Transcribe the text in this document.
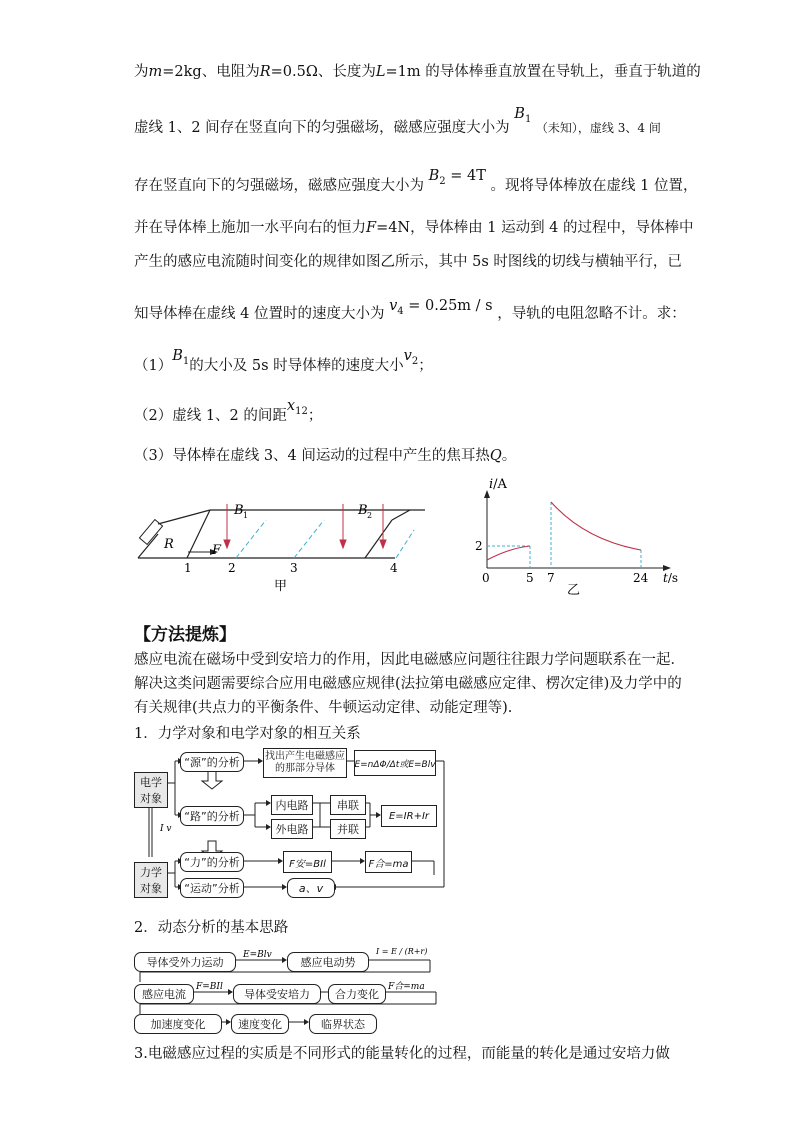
为m=2kg、电阻为R=0.5Ω、长度为L=1m 的导体棒垂直放置在导轨上，垂直于轨道的
虚线 1、2 间存在竖直向下的匀强磁场，磁感应强度大小为 $B_1$ （未知），虚线 3、4 间
存在竖直向下的匀强磁场，磁感应强度大小为 $B_2 = 4T$ 。现将导体棒放在虚线 1 位置，
并在导体棒上施加一水平向右的恒力F=4N，导体棒由 1 运动到 4 的过程中，导体棒中
产生的感应电流随时间变化的规律如图乙所示，其中 5s 时图线的切线与横轴平行，已
知导体棒在虚线 4 位置时的速度大小为 $v_4 = 0.25m / s$ ，导轨的电阻忽略不计。求：
$(1)B_1$的大小及 5s 时导体棒的速度大小$v_2$；
（2）虚线 1、2 的间距$x_{12}$；
（3）导体棒在虚线 3、4 间运动的过程中产生的焦耳热Q。
R	F
B 1	B 2
1	2	3	4
甲
i/A
2
0	5 7	24 t/s
乙
【方法提炼】
感应电流在磁场中受到安培力的作用，因此电磁感应问题往往跟力学问题联系在一起．
解决这类问题需要综合应用电磁感应规律(法拉第电磁感应定律、楞次定律)及力学中的
有关规律(共点力的平衡条件、牛顿运动定律、动能定理等).
1．力学对象和电学对象的相互关系
I v
电学对象
力学对象
“源”的分析	找出产生电磁感应的那部分导体	E=nΔΦ/Δt或E=Blv
“路”的分析
内电路
外电路
串联
并联
E=IR+Ir
“力”的分析	F安=BIl	F合=ma
“运动”分析	a、v
2．动态分析的基本思路
E=Blv	I = E / (R+r)
F=BIl	F合=ma
导体受外力运动	感应电动势
感应电流	导体受安培力	合力变化
加速度变化	速度变化	临界状态
3.电磁感应过程的实质是不同形式的能量转化的过程，而能量的转化是通过安培力做
